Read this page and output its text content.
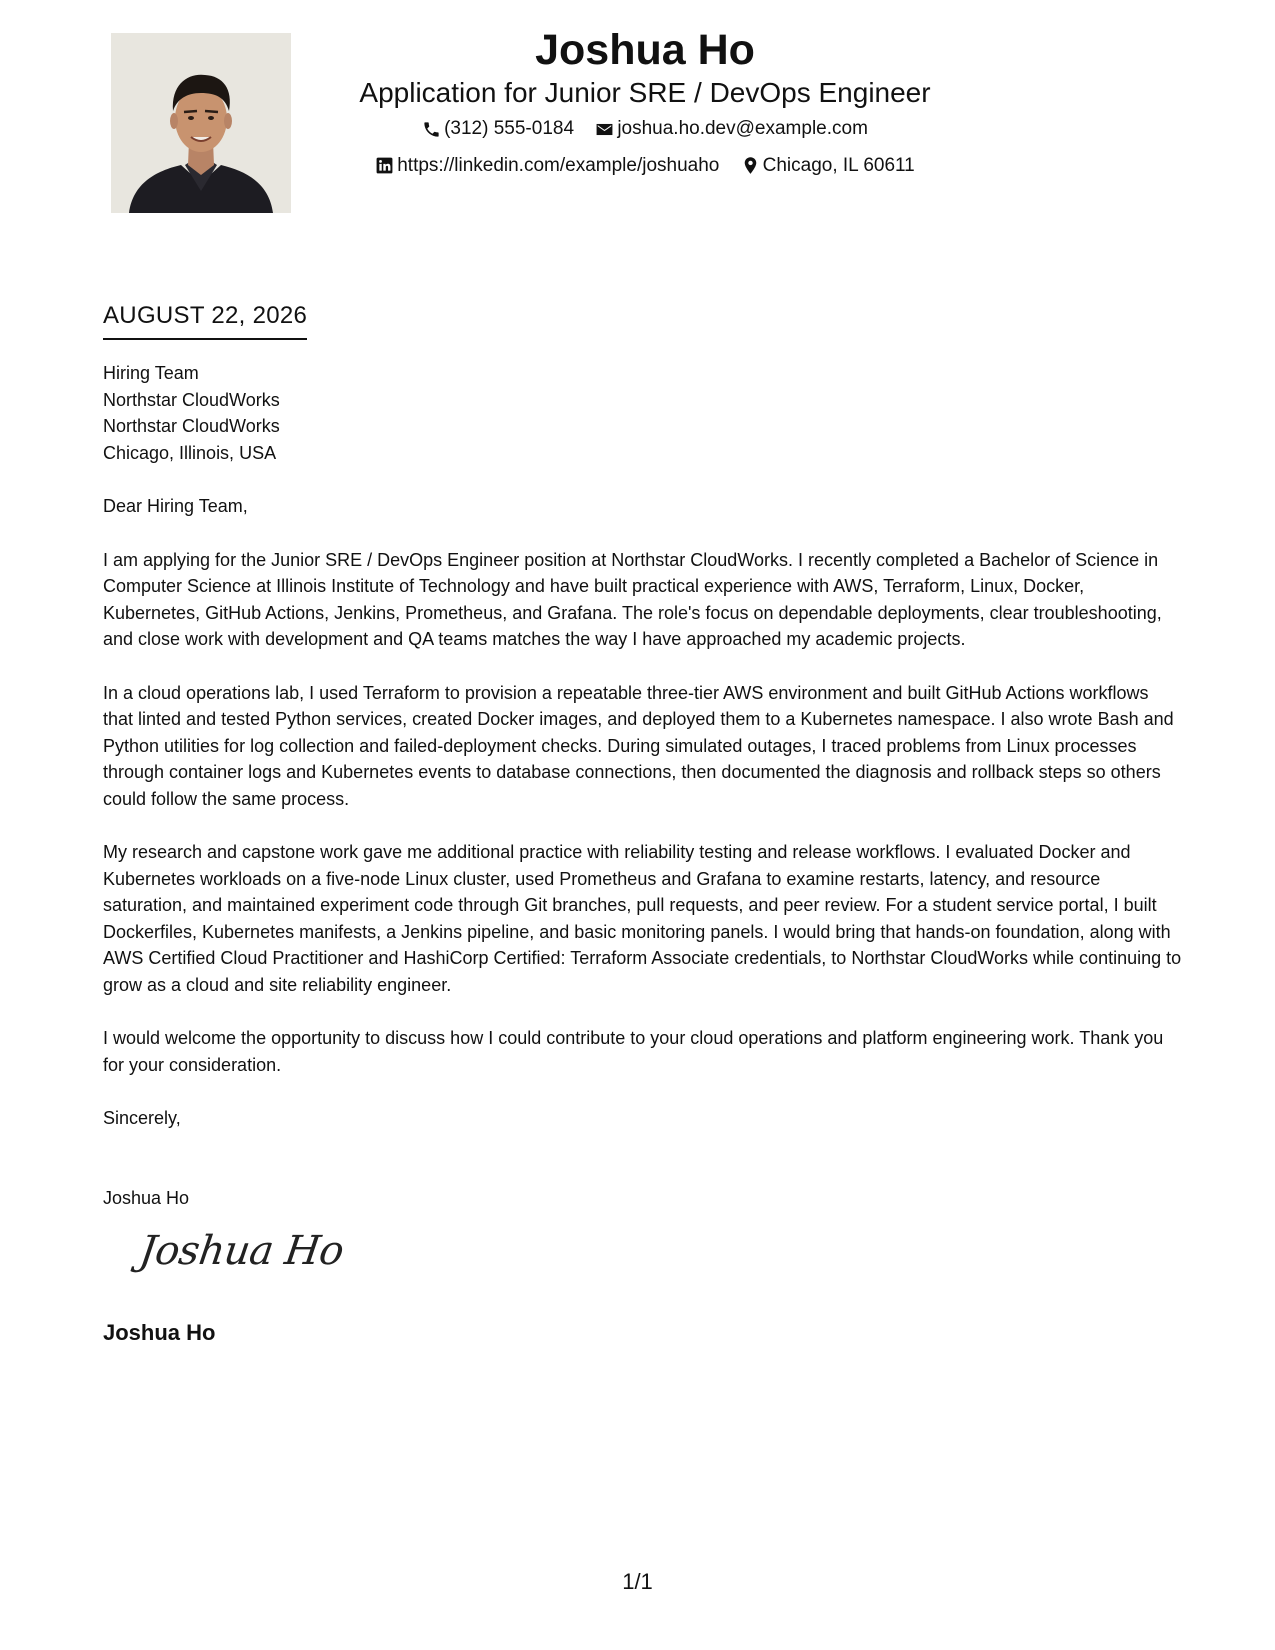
Joshua Ho
Application for Junior SRE / DevOps Engineer
(312) 555-0184
joshua.ho.dev@example.com
https://linkedin.com/example/joshuaho
Chicago, IL 60611
AUGUST 22, 2026
Hiring Team
Northstar CloudWorks
Northstar CloudWorks
Chicago, Illinois, USA
Dear Hiring Team,

I am applying for the Junior SRE / DevOps Engineer position at Northstar CloudWorks. I recently completed a Bachelor of Science in Computer Science at Illinois Institute of Technology and have built practical experience with AWS, Terraform, Linux, Docker, Kubernetes, GitHub Actions, Jenkins, Prometheus, and Grafana. The role's focus on dependable deployments, clear troubleshooting, and close work with development and QA teams matches the way I have approached my academic projects.

In a cloud operations lab, I used Terraform to provision a repeatable three-tier AWS environment and built GitHub Actions workflows that linted and tested Python services, created Docker images, and deployed them to a Kubernetes namespace. I also wrote Bash and Python utilities for log collection and failed-deployment checks. During simulated outages, I traced problems from Linux processes through container logs and Kubernetes events to database connections, then documented the diagnosis and rollback steps so others could follow the same process.

My research and capstone work gave me additional practice with reliability testing and release workflows. I evaluated Docker and Kubernetes workloads on a five-node Linux cluster, used Prometheus and Grafana to examine restarts, latency, and resource saturation, and maintained experiment code through Git branches, pull requests, and peer review. For a student service portal, I built Dockerfiles, Kubernetes manifests, a Jenkins pipeline, and basic monitoring panels. I would bring that hands-on foundation, along with AWS Certified Cloud Practitioner and HashiCorp Certified: Terraform Associate credentials, to Northstar CloudWorks while continuing to grow as a cloud and site reliability engineer.

I would welcome the opportunity to discuss how I could contribute to your cloud operations and platform engineering work. Thank you for your consideration.

Sincerely,
Joshua Ho
Joshua Ho
Joshua Ho
1/1
